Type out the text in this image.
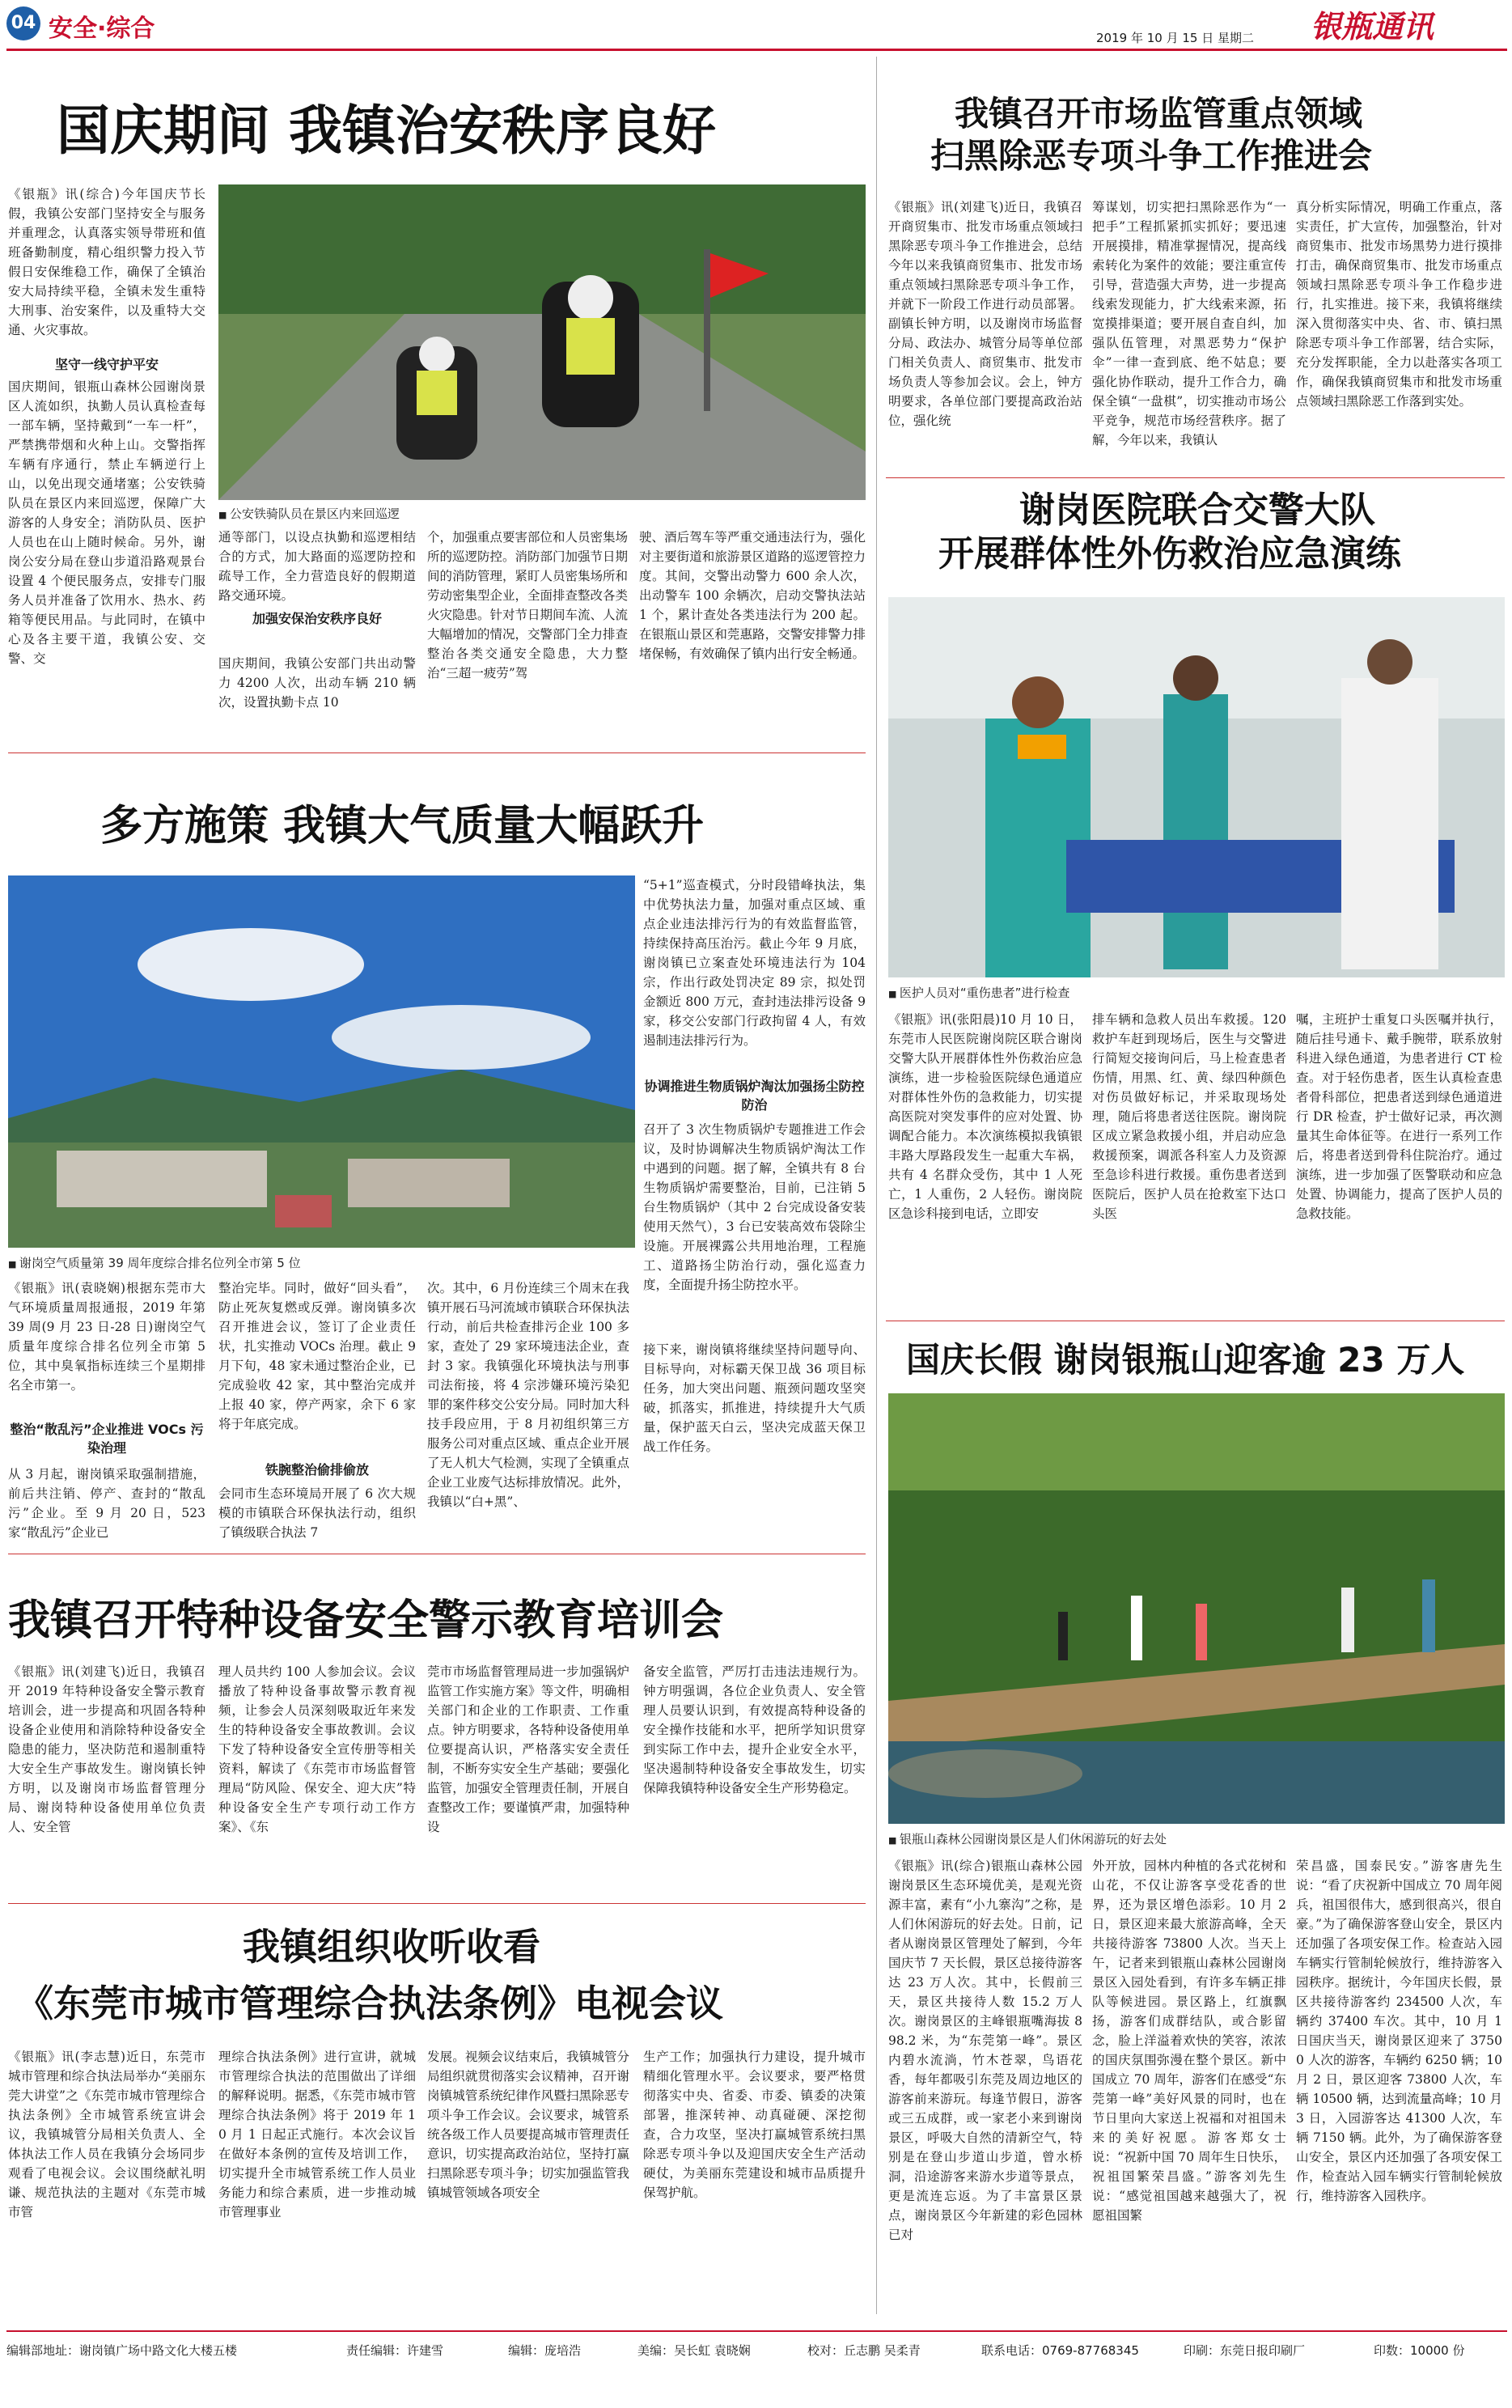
04 安全·综合	2019 年 10 月 15 日 星期二 银瓶通讯
国庆期间 我镇治安秩序良好
《银瓶》讯(综合)今年国庆节长假，我镇公安部门坚持安全与服务并重理念，认真落实领导带班和值班备勤制度，精心组织警力投入节假日安保维稳工作，确保了全镇治安大局持续平稳，全镇未发生重特大刑事、治安案件，以及重特大交通、火灾事故。
■ 公安铁骑队员在景区内来回巡逻
坚守一线守护平安
国庆期间，银瓶山森林公园谢岗景区人流如织，执勤人员认真检查每一部车辆，坚持戴到“一车一杆”，严禁携带烟和火种上山。交警指挥车辆有序通行，禁止车辆逆行上山，以免出现交通堵塞；公安铁骑队员在景区内来回巡逻，保障广大游客的人身安全；消防队员、医护人员也在山上随时候命。另外，谢岗公安分局在登山步道沿路观景台设置 4 个便民服务点，安排专门服务人员并准备了饮用水、热水、药箱等便民用品。与此同时，在镇中心及各主要干道，我镇公安、交警、交
通等部门，以设点执勤和巡逻相结合的方式，加大路面的巡逻防控和疏导工作，全力营造良好的假期道路交通环境。
加强安保治安秩序良好
国庆期间，我镇公安部门共出动警力 4200 人次，出动车辆 210 辆次，设置执勤卡点 10
个，加强重点要害部位和人员密集场所的巡逻防控。消防部门加强节日期间的消防管理，紧盯人员密集场所和劳动密集型企业，全面排查整改各类火灾隐患。针对节日期间车流、人流大幅增加的情况，交警部门全力排查整治各类交通安全隐患，大力整治“三超一疲劳”驾
驶、酒后驾车等严重交通违法行为，强化对主要街道和旅游景区道路的巡逻管控力度。其间，交警出动警力 600 余人次，出动警车 100 余辆次，启动交警执法站 1 个，累计查处各类违法行为 200 起。在银瓶山景区和莞惠路，交警安排警力排堵保畅，有效确保了镇内出行安全畅通。
多方施策 我镇大气质量大幅跃升
■ 谢岗空气质量第 39 周年度综合排名位列全市第 5 位
“5+1”巡查模式，分时段错峰执法，集中优势执法力量，加强对重点区域、重点企业违法排污行为的有效监督监管，持续保持高压治污。截止今年 9 月底，谢岗镇已立案查处环境违法行为 104 宗，作出行政处罚决定 89 宗，拟处罚金额近 800 万元，查封违法排污设备 9 家，移交公安部门行政拘留 4 人，有效遏制违法排污行为。
协调推进生物质锅炉淘汰加强扬尘防控防治
召开了 3 次生物质锅炉专题推进工作会议，及时协调解决生物质锅炉淘汰工作中遇到的问题。据了解，全镇共有 8 台生物质锅炉需要整治，目前，已注销 5 台生物质锅炉（其中 2 台完成设备安装使用天然气），3 台已安装高效布袋除尘设施。开展裸露公共用地治理，工程施工、道路扬尘防治行动，强化巡查力度，全面提升扬尘防控水平。
《银瓶》讯(袁晓娴)根据东莞市大气环境质量周报通报，2019 年第 39 周(9 月 23 日-28 日)谢岗空气质量年度综合排名位列全市第 5 位，其中臭氧指标连续三个星期排名全市第一。
整治“散乱污”企业推进 VOCs 污染治理
从 3 月起，谢岗镇采取强制措施，前后共注销、停产、查封的“散乱污”企业。至 9 月 20 日，523 家“散乱污”企业已
整治完毕。同时，做好“回头看”，防止死灰复燃或反弹。谢岗镇多次召开推进会议，签订了企业责任状，扎实推动 VOCs 治理。截止 9 月下旬，48 家未通过整治企业，已完成验收 42 家，其中整治完成并上报 40 家，停产两家，余下 6 家将于年底完成。
铁腕整治偷排偷放
会同市生态环境局开展了 6 次大规模的市镇联合环保执法行动，组织了镇级联合执法 7
次。其中，6 月份连续三个周末在我镇开展石马河流域市镇联合环保执法行动，前后共检查排污企业 100 多家，查处了 29 家环境违法企业，查封 3 家。我镇强化环境执法与刑事司法衔接，将 4 宗涉嫌环境污染犯罪的案件移交公安分局。同时加大科技手段应用，于 8 月初组织第三方服务公司对重点区域、重点企业开展了无人机大气检测，实现了全镇重点企业工业废气达标排放情况。此外，我镇以“白+黑”、
接下来，谢岗镇将继续坚持问题导向、目标导向，对标霸天保卫战 36 项目标任务，加大突出问题、瓶颈问题攻坚突破，抓落实，抓推进，持续提升大气质量，保护蓝天白云，坚决完成蓝天保卫战工作任务。
我镇召开特种设备安全警示教育培训会
《银瓶》讯(刘建飞)近日，我镇召开 2019 年特种设备安全警示教育培训会，进一步提高和巩固各特种设备企业使用和消除特种设备安全隐患的能力，坚决防范和遏制重特大安全生产事故发生。谢岗镇长钟方明，以及谢岗市场监督管理分局、谢岗特种设备使用单位负责人、安全管
理人员共约 100 人参加会议。会议播放了特种设备事故警示教育视频，让参会人员深刻吸取近年来发生的特种设备安全事故教训。会议下发了特种设备安全宣传册等相关资料，解读了《东莞市市场监督管理局“防风险、保安全、迎大庆”特种设备安全生产专项行动工作方案》、《东
莞市市场监督管理局进一步加强锅炉监管工作实施方案》等文件，明确相关部门和企业的工作职责、工作重点。钟方明要求，各特种设备使用单位要提高认识，严格落实安全责任制，不断夯实安全生产基础；要强化监管，加强安全管理责任制，开展自查整改工作；要谨慎严肃，加强特种设
备安全监管，严厉打击违法违规行为。钟方明强调，各位企业负责人、安全管理人员要认识到，有效提高特种设备的安全操作技能和水平，把所学知识贯穿到实际工作中去，提升企业安全水平，坚决遏制特种设备安全事故发生，切实保障我镇特种设备安全生产形势稳定。
我镇组织收听收看
《东莞市城市管理综合执法条例》电视会议
《银瓶》讯(李志慧)近日，东莞市城市管理和综合执法局举办“美丽东莞大讲堂”之《东莞市城市管理综合执法条例》全市城管系统宣讲会议，我镇城管分局相关负责人、全体执法工作人员在我镇分会场同步观看了电视会议。会议围绕献礼明谦、规范执法的主题对《东莞市城市管
理综合执法条例》进行宣讲，就城市管理综合执法的范围做出了详细的解释说明。据悉，《东莞市城市管理综合执法条例》将于 2019 年 10 月 1 日起正式施行。本次会议旨在做好本条例的宣传及培训工作，切实提升全市城管系统工作人员业务能力和综合素质，进一步推动城市管理事业
发展。视频会议结束后，我镇城管分局组织就贯彻落实会议精神，召开谢岗镇城管系统纪律作风暨扫黑除恶专项斗争工作会议。会议要求，城管系统各级工作人员要提高城市管理责任意识，切实提高政治站位，坚持打赢扫黑除恶专项斗争；切实加强监管我镇城管领域各项安全
生产工作；加强执行力建设，提升城市精细化管理水平。会议要求，要严格贯彻落实中央、省委、市委、镇委的决策部署，推深转神、动真碰硬、深挖彻查，合力攻坚，坚决打赢城管系统扫黑除恶专项斗争以及迎国庆安全生产活动硬仗，为美丽东莞建设和城市品质提升保驾护航。
我镇召开市场监管重点领域
扫黑除恶专项斗争工作推进会
《银瓶》讯(刘建飞)近日，我镇召开商贸集市、批发市场重点领域扫黑除恶专项斗争工作推进会，总结今年以来我镇商贸集市、批发市场重点领域扫黑除恶专项斗争工作，并就下一阶段工作进行动员部署。副镇长钟方明，以及谢岗市场监督分局、政法办、城管分局等单位部门相关负责人、商贸集市、批发市场负责人等参加会议。会上，钟方明要求，各单位部门要提高政治站位，强化统
筹谋划，切实把扫黑除恶作为“一把手”工程抓紧抓实抓好；要迅速开展摸排，精准掌握情况，提高线索转化为案件的效能；要注重宣传引导，营造强大声势，进一步提高线索发现能力，扩大线索来源，拓宽摸排渠道；要开展自查自纠，加强队伍管理，对黑恶势力“保护伞”一律一查到底、绝不姑息；要强化协作联动，提升工作合力，确保全镇“一盘棋”，切实推动市场公平竞争，规范市场经营秩序。据了解，今年以来，我镇认
真分析实际情况，明确工作重点，落实责任，扩大宣传，加强整治，针对商贸集市、批发市场黑势力进行摸排打击，确保商贸集市、批发市场重点领域扫黑除恶专项斗争工作稳步进行，扎实推进。接下来，我镇将继续深入贯彻落实中央、省、市、镇扫黑除恶专项斗争工作部署，结合实际，充分发挥职能，全力以赴落实各项工作，确保我镇商贸集市和批发市场重点领域扫黑除恶工作落到实处。
谢岗医院联合交警大队
开展群体性外伤救治应急演练
■ 医护人员对“重伤患者”进行检查
《银瓶》讯(张阳晨)10 月 10 日，东莞市人民医院谢岗院区联合谢岗交警大队开展群体性外伤救治应急演练，进一步检验医院绿色通道应对群体性外伤的急救能力，切实提高医院对突发事件的应对处置、协调配合能力。本次演练模拟我镇银丰路大厚路段发生一起重大车祸，共有 4 名群众受伤，其中 1 人死亡，1 人重伤，2 人轻伤。谢岗院区急诊科接到电话，立即安
排车辆和急救人员出车救援。120 救护车赶到现场后，医生与交警进行简短交接询问后，马上检查患者伤情，用黑、红、黄、绿四种颜色对伤员做好标记，并采取现场处理，随后将患者送往医院。谢岗院区成立紧急救援小组，并启动应急救援预案，调派各科室人力及资源至急诊科进行救援。重伤患者送到医院后，医护人员在抢救室下达口头医
嘱，主班护士重复口头医嘱并执行，随后挂号通卡、戴手腕带，联系放射科进入绿色通道，为患者进行 CT 检查。对于轻伤患者，医生认真检查患者骨科部位，把患者送到绿色通道进行 DR 检查，护士做好记录，再次测量其生命体征等。在进行一系列工作后，将患者送到骨科住院治疗。通过演练，进一步加强了医警联动和应急处置、协调能力，提高了医护人员的急救技能。
国庆长假 谢岗银瓶山迎客逾 23 万人
■ 银瓶山森林公园谢岗景区是人们休闲游玩的好去处
《银瓶》讯(综合)银瓶山森林公园谢岗景区生态环境优美，是观光资源丰富，素有“小九寨沟”之称，是人们休闲游玩的好去处。日前，记者从谢岗景区管理处了解到，今年国庆节 7 天长假，景区总接待游客达 23 万人次。其中，长假前三天，景区共接待人数 15.2 万人次。谢岗景区的主峰银瓶嘴海拔 898.2 米，为“东莞第一峰”。景区内碧水流淌，竹木苍翠，鸟语花香，每年都吸引东莞及周边地区的游客前来游玩。每逢节假日，游客或三五成群，或一家老小来到谢岗景区，呼吸大自然的清新空气，特别是在登山步道山步道，曾水桥洞，沿途游客来游水步道等景点，更是流连忘返。为了丰富景区景点，谢岗景区今年新建的彩色园林已对
外开放，园林内种植的各式花树和山花，不仅让游客享受花香的世界，还为景区增色添彩。10 月 2 日，景区迎来最大旅游高峰，全天共接待游客 73800 人次。当天上午，记者来到银瓶山森林公园谢岗景区入园处看到，有许多车辆正排队等候进园。景区路上，红旗飘扬，游客们成群结队，或合影留念，脸上洋溢着欢快的笑容，浓浓的国庆氛围弥漫在整个景区。新中国成立 70 周年，游客们在感受“东莞第一峰”美好风景的同时，也在节日里向大家送上祝福和对祖国未来的美好祝愿。游客郑女士说：“祝新中国 70 周年生日快乐，祝祖国繁荣昌盛。”游客刘先生说：“感觉祖国越来越强大了，祝愿祖国繁
荣昌盛，国泰民安。”游客唐先生说：“看了庆祝新中国成立 70 周年阅兵，祖国很伟大，感到很高兴，很自豪。”为了确保游客登山安全，景区内还加强了各项安保工作。检查站入园车辆实行管制轮候放行，维持游客入园秩序。据统计，今年国庆长假，景区共接待游客约 234500 人次，车辆约 37400 车次。其中，10 月 1 日国庆当天，谢岗景区迎来了 37500 人次的游客，车辆约 6250 辆；10 月 2 日，景区迎客 73800 人次，车辆 10500 辆，达到流量高峰；10 月 3 日，入园游客达 41300 人次，车辆 7150 辆。此外，为了确保游客登山安全，景区内还加强了各项安保工作，检查站入园车辆实行管制轮候放行，维持游客入园秩序。
编辑部地址：谢岗镇广场中路文化大楼五楼	责任编辑：许建雪	编辑：庞培浩	美编：吴长虹 袁晓娴	校对：丘志鹏 吴柔青	联系电话：0769-87768345	印刷：东莞日报印刷厂	印数：10000 份
